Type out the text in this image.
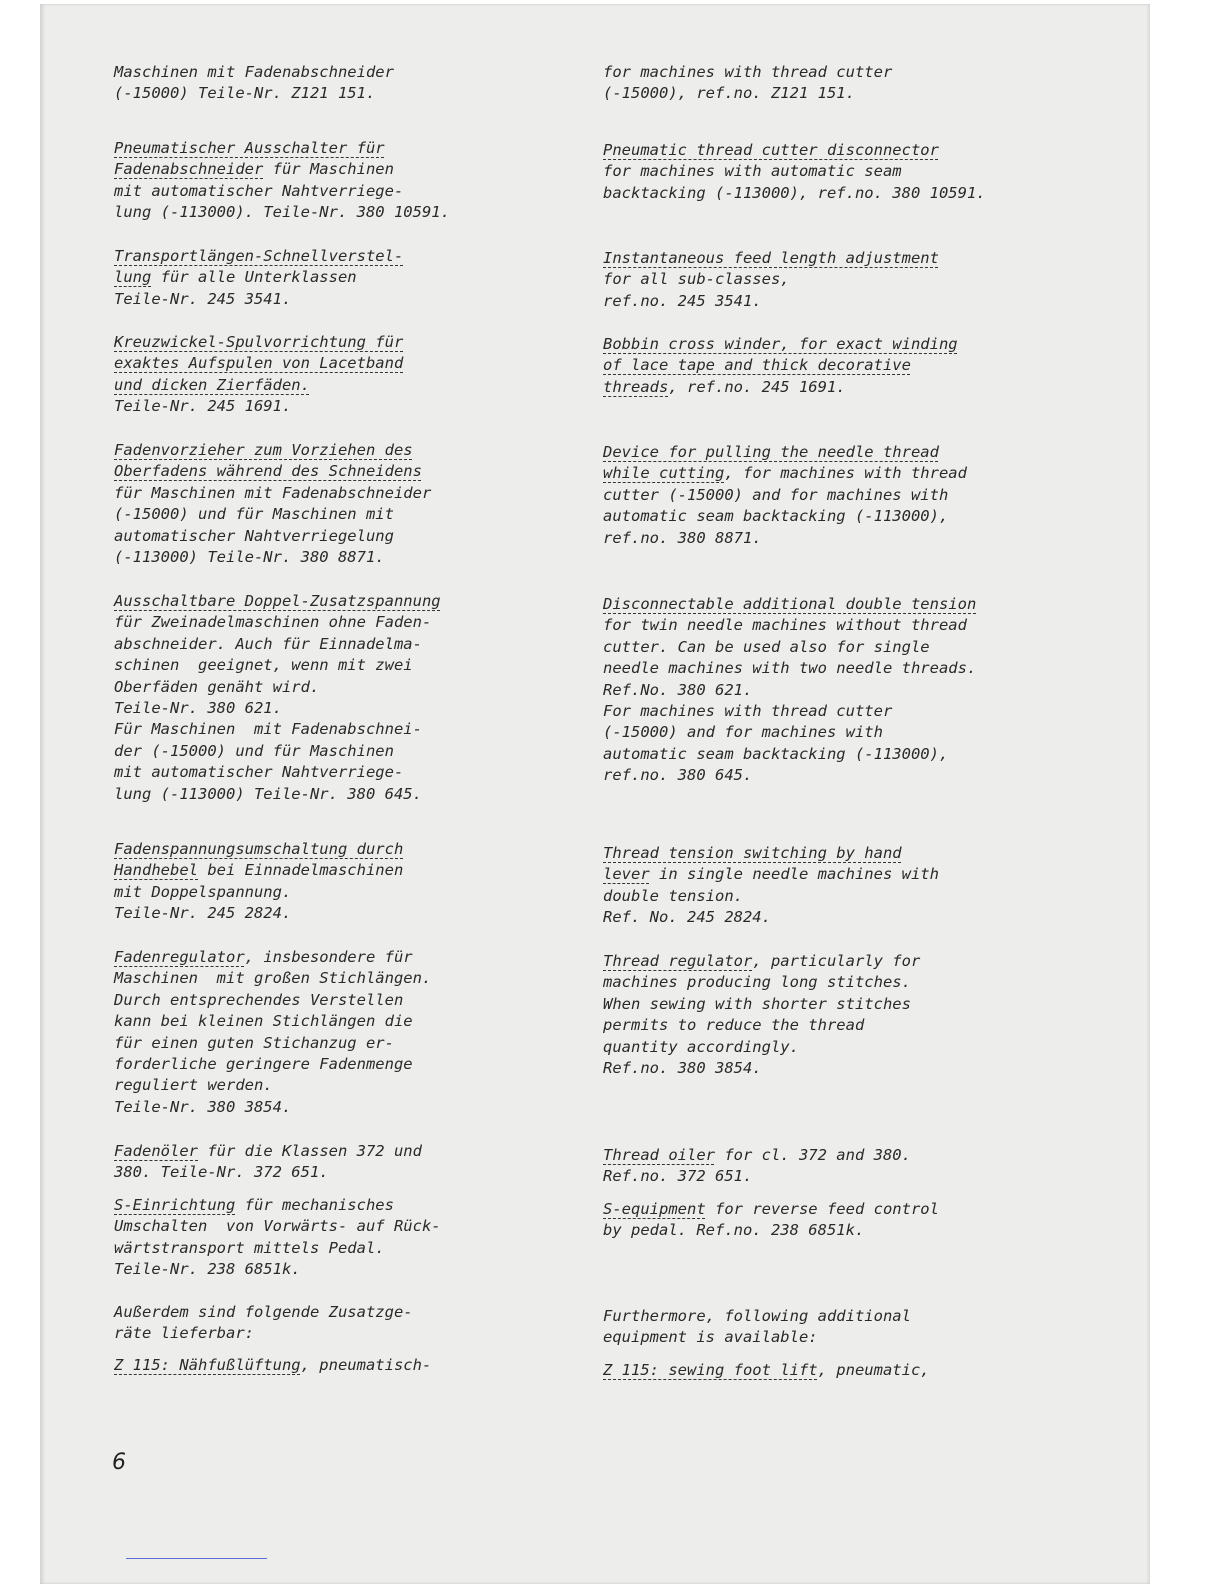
Maschinen mit Fadenabschneider

(-15000) Teile-Nr. Z121 151.

Pneumatischer Ausschalter für

Fadenabschneider für Maschinen

mit automatischer Nahtverriege-

lung (-113000). Teile-Nr. 380 10591.

Transportlängen-Schnellverstel-

lung für alle Unterklassen

Teile-Nr. 245 3541.

Kreuzwickel-Spulvorrichtung für

exaktes Aufspulen von Lacetband

und dicken Zierfäden.

Teile-Nr. 245 1691.

Fadenvorzieher zum Vorziehen des

Oberfadens während des Schneidens

für Maschinen mit Fadenabschneider

(-15000) und für Maschinen mit

automatischer Nahtverriegelung

(-113000) Teile-Nr. 380 8871.

Ausschaltbare Doppel-Zusatzspannung

für Zweinadelmaschinen ohne Faden-

abschneider. Auch für Einnadelma-

schinen  geeignet, wenn mit zwei

Oberfäden genäht wird.

Teile-Nr. 380 621.

Für Maschinen  mit Fadenabschnei-

der (-15000) und für Maschinen

mit automatischer Nahtverriege-

lung (-113000) Teile-Nr. 380 645.

Fadenspannungsumschaltung durch

Handhebel bei Einnadelmaschinen

mit Doppelspannung.

Teile-Nr. 245 2824.

Fadenregulator, insbesondere für

Maschinen  mit großen Stichlängen.

Durch entsprechendes Verstellen

kann bei kleinen Stichlängen die

für einen guten Stichanzug er-

forderliche geringere Fadenmenge

reguliert werden.

Teile-Nr. 380 3854.

Fadenöler für die Klassen 372 und

380. Teile-Nr. 372 651.

S-Einrichtung für mechanisches

Umschalten  von Vorwärts- auf Rück-

wärtstransport mittels Pedal.

Teile-Nr. 238 6851k.

Außerdem sind folgende Zusatzge-

räte lieferbar:

Z 115: Nähfußlüftung, pneumatisch-

for machines with thread cutter

(-15000), ref.no. Z121 151.

Pneumatic thread cutter disconnector

for machines with automatic seam

backtacking (-113000), ref.no. 380 10591.

Instantaneous feed length adjustment

for all sub-classes,

ref.no. 245 3541.

Bobbin cross winder, for exact winding

of lace tape and thick decorative

threads, ref.no. 245 1691.

Device for pulling the needle thread

while cutting, for machines with thread

cutter (-15000) and for machines with

automatic seam backtacking (-113000),

ref.no. 380 8871.

Disconnectable additional double tension

for twin needle machines without thread

cutter. Can be used also for single

needle machines with two needle threads.

Ref.No. 380 621.

For machines with thread cutter

(-15000) and for machines with

automatic seam backtacking (-113000),

ref.no. 380 645.

Thread tension switching by hand

lever in single needle machines with

double tension.

Ref. No. 245 2824.

Thread regulator, particularly for

machines producing long stitches.

When sewing with shorter stitches

permits to reduce the thread

quantity accordingly.

Ref.no. 380 3854.

Thread oiler for cl. 372 and 380.

Ref.no. 372 651.

S-equipment for reverse feed control

by pedal. Ref.no. 238 6851k.

Furthermore, following additional

equipment is available:

Z 115: sewing foot lift, pneumatic,

6
